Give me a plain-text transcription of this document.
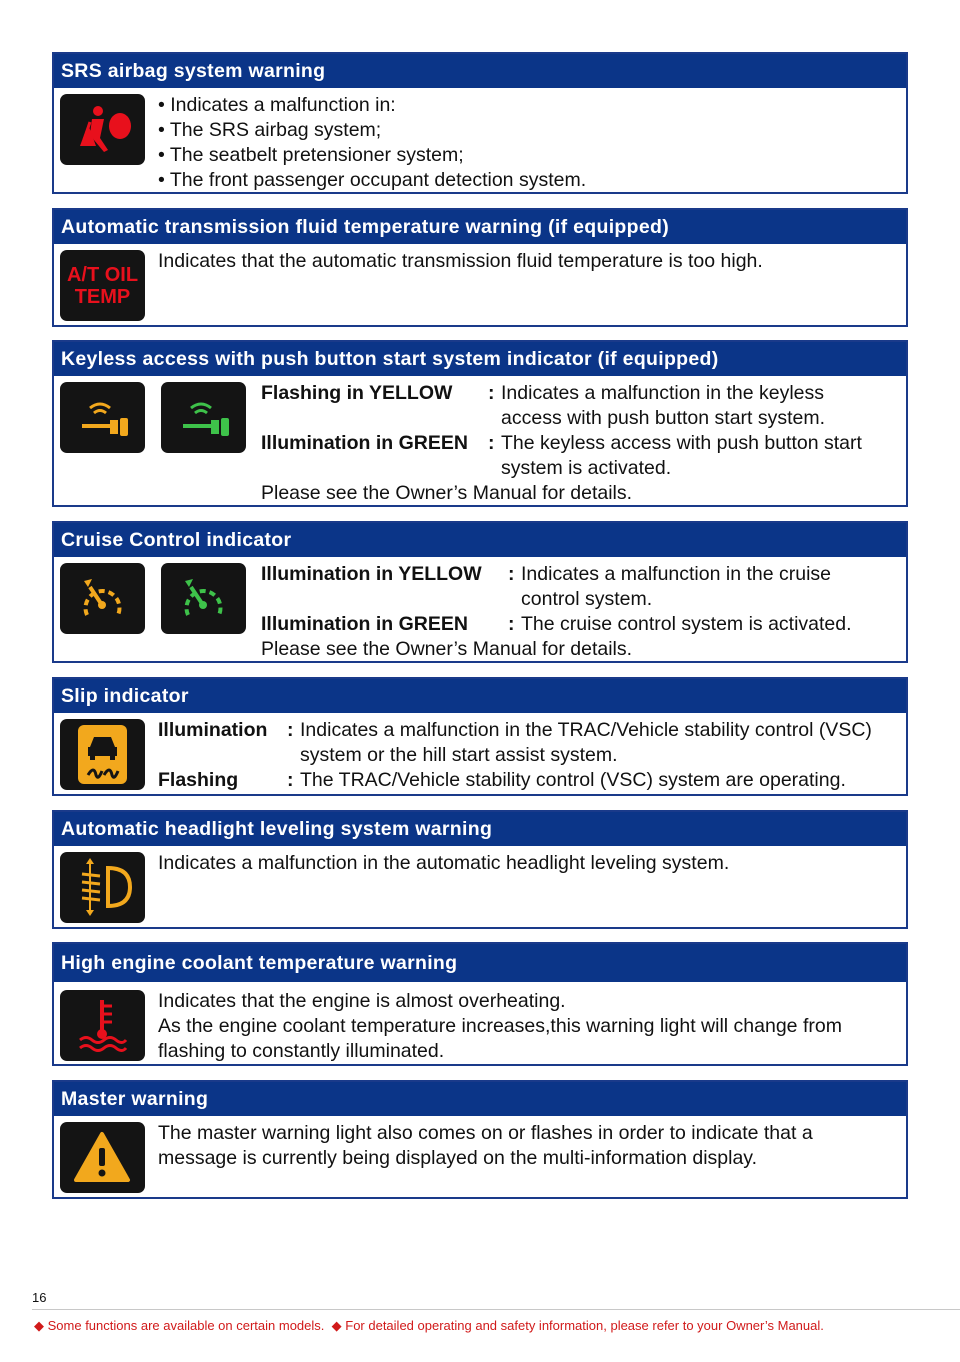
SRS airbag system warning
• Indicates a malfunction in:
• The SRS airbag system;
• The seatbelt pretensioner system;
• The front passenger occupant detection system.
Automatic transmission fluid temperature warning (if equipped)
A/T OIL
TEMP
Indicates that the automatic transmission fluid temperature is too high.
Keyless access with push button start system indicator (if equipped)
Flashing in YELLOW : Indicates a malfunction in the keyless
access with push button start system.
Illumination in GREEN : The keyless access with push button start
system is activated.
Please see the Owner’s Manual for details.
Cruise Control indicator
Illumination in YELLOW : Indicates a malfunction in the cruise
control system.
Illumination in GREEN : The cruise control system is activated.
Please see the Owner’s Manual for details.
Slip indicator
Illumination : Indicates a malfunction in the TRAC/Vehicle stability control (VSC)
system or the hill start assist system.
Flashing	: The TRAC/Vehicle stability control (VSC) system are operating.
Automatic headlight leveling system warning
Indicates a malfunction in the automatic headlight leveling system.
High engine coolant temperature warning
Indicates that the engine is almost overheating.
As the engine coolant temperature increases,this warning light will change from
flashing to constantly illuminated.
Master warning
The master warning light also comes on or flashes in order to indicate that a
message is currently being displayed on the multi-information display.
16
◆ Some functions are available on certain models. ◆ For detailed operating and safety information, please refer to your Owner’s Manual.
